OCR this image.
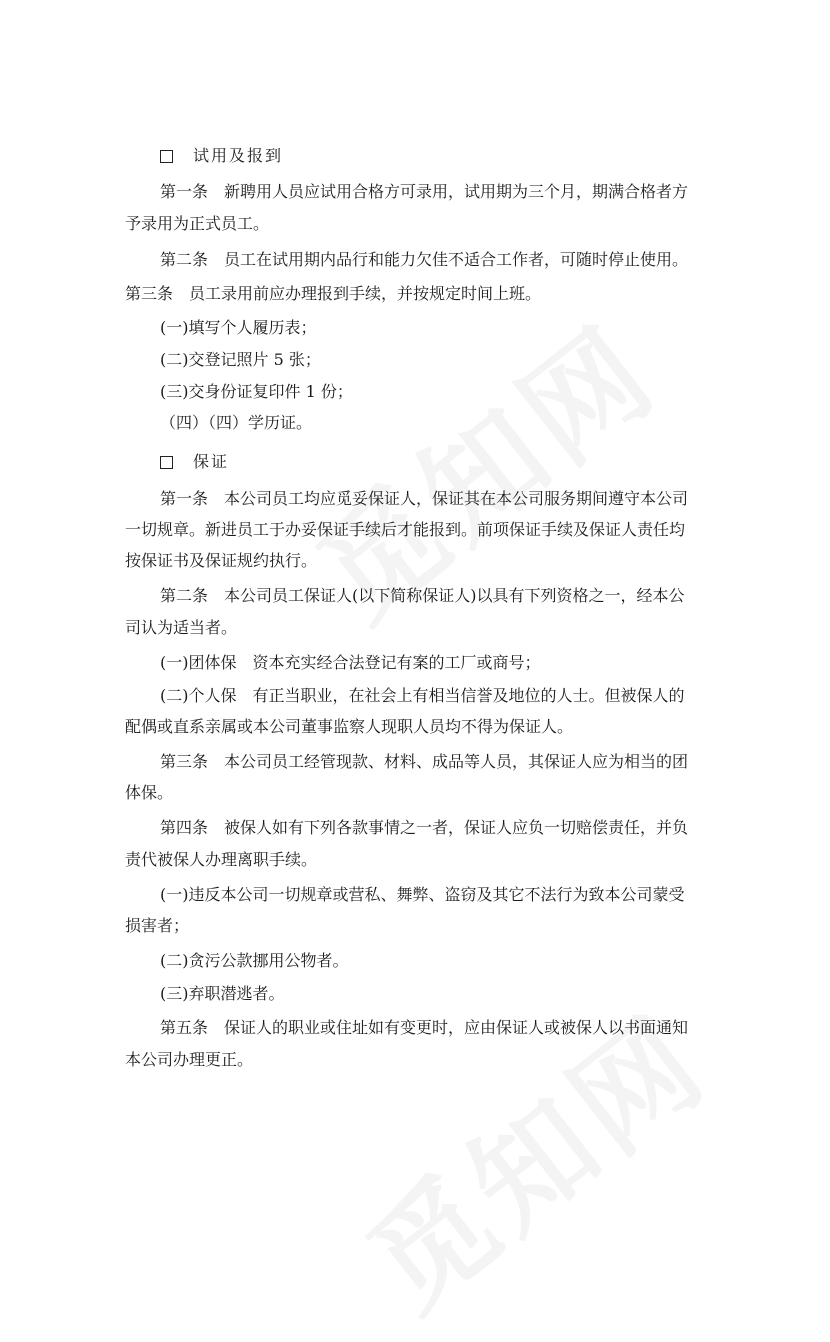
试用及报到
第一条　新聘用人员应试用合格方可录用，试用期为三个月，期满合格者方
予录用为正式员工。
第二条　员工在试用期内品行和能力欠佳不适合工作者，可随时停止使用。
第三条　员工录用前应办理报到手续，并按规定时间上班。
(一)填写个人履历表；
(二)交登记照片 5 张；
(三)交身份证复印件 1 份；
（四）（四）学历证。
保证
第一条　本公司员工均应觅妥保证人，保证其在本公司服务期间遵守本公司
一切规章。新进员工于办妥保证手续后才能报到。前项保证手续及保证人责任均
按保证书及保证规约执行。
第二条　本公司员工保证人(以下简称保证人)以具有下列资格之一，经本公
司认为适当者。
(一)团体保　资本充实经合法登记有案的工厂或商号；
(二)个人保　有正当职业，在社会上有相当信誉及地位的人士。但被保人的
配偶或直系亲属或本公司董事监察人现职人员均不得为保证人。
第三条　本公司员工经管现款、材料、成品等人员，其保证人应为相当的团
体保。
第四条　被保人如有下列各款事情之一者，保证人应负一切赔偿责任，并负
责代被保人办理离职手续。
(一)违反本公司一切规章或营私、舞弊、盗窃及其它不法行为致本公司蒙受
损害者；
(二)贪污公款挪用公物者。
(三)弃职潜逃者。
第五条　保证人的职业或住址如有变更时，应由保证人或被保人以书面通知
本公司办理更正。
